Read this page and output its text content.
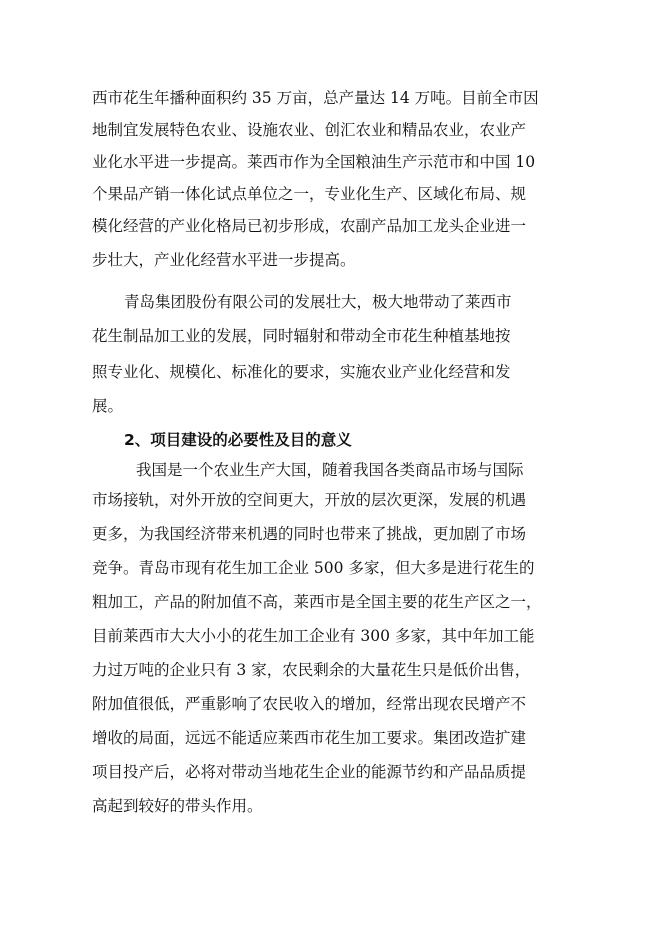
西市花生年播种面积约 35 万亩，总产量达 14 万吨。目前全市因
地制宜发展特色农业、设施农业、创汇农业和精品农业，农业产
业化水平进一步提高。莱西市作为全国粮油生产示范市和中国 10
个果品产销一体化试点单位之一，专业化生产、区域化布局、规
模化经营的产业化格局已初步形成，农副产品加工龙头企业进一
步壮大，产业化经营水平进一步提高。
青岛集团股份有限公司的发展壮大，极大地带动了莱西市
花生制品加工业的发展，同时辐射和带动全市花生种植基地按
照专业化、规模化、标准化的要求，实施农业产业化经营和发
展。
2、项目建设的必要性及目的意义
我国是一个农业生产大国，随着我国各类商品市场与国际
市场接轨，对外开放的空间更大，开放的层次更深，发展的机遇
更多，为我国经济带来机遇的同时也带来了挑战，更加剧了市场
竞争。青岛市现有花生加工企业 500 多家，但大多是进行花生的
粗加工，产品的附加值不高，莱西市是全国主要的花生产区之一，
目前莱西市大大小小的花生加工企业有 300 多家，其中年加工能
力过万吨的企业只有 3 家，农民剩余的大量花生只是低价出售，
附加值很低，严重影响了农民收入的增加，经常出现农民增产不
增收的局面，远远不能适应莱西市花生加工要求。集团改造扩建
项目投产后，必将对带动当地花生企业的能源节约和产品品质提
高起到较好的带头作用。
